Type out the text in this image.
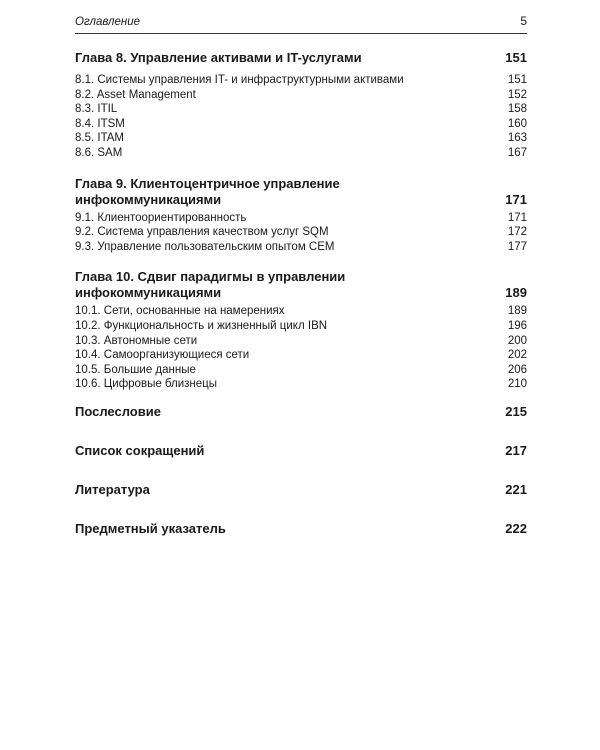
Оглавление	5
Глава 8. Управление активами и IT-услугами	151
8.1. Системы управления IT- и инфраструктурными активами	151
8.2. Asset Management	152
8.3. ITIL	158
8.4. ITSM	160
8.5. ITAM	163
8.6. SAM	167
Глава 9. Клиентоцентричное управление
инфокоммуникациями	171
9.1. Клиентоориентированность	171
9.2. Система управления качеством услуг SQM	172
9.3. Управление пользовательским опытом CEM	177
Глава 10. Сдвиг парадигмы в управлении
инфокоммуникациями	189
10.1. Сети, основанные на намерениях	189
10.2. Функциональность и жизненный цикл IBN	196
10.3. Автономные сети	200
10.4. Самоорганизующиеся сети	202
10.5. Большие данные	206
10.6. Цифровые близнецы	210
Послесловие	215
Список сокращений	217
Литература	221
Предметный указатель	222
